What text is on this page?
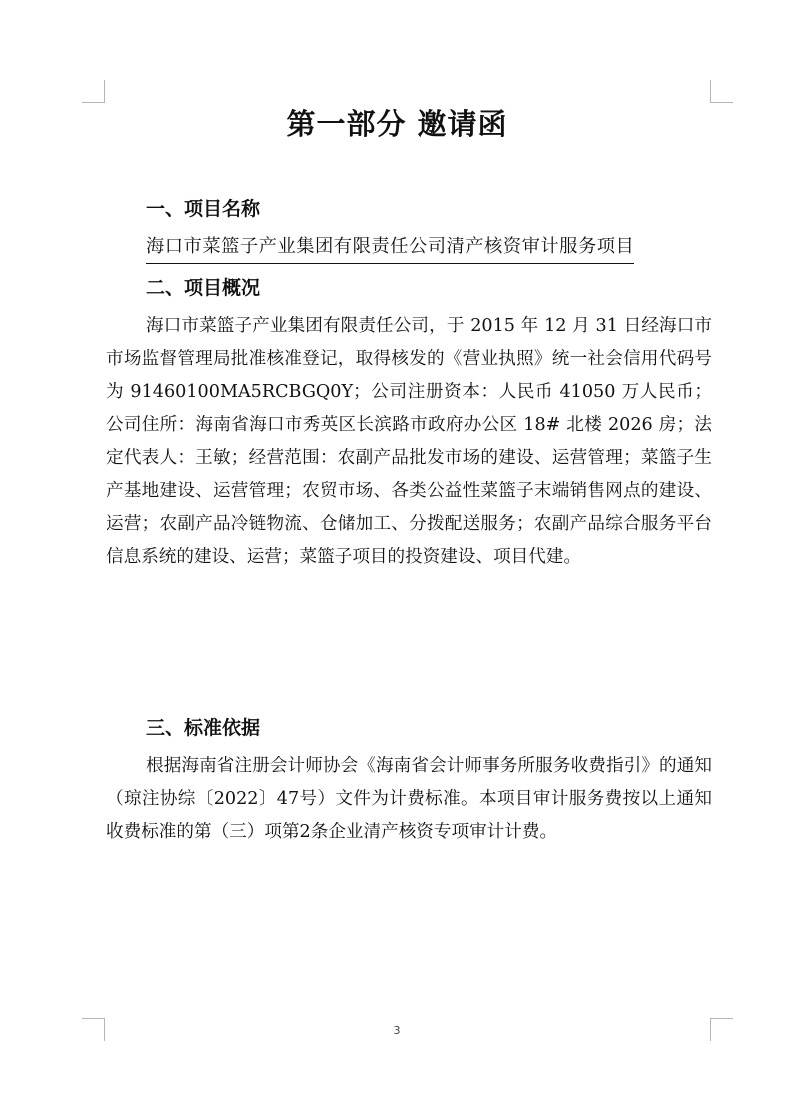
第一部分 邀请函
一、项目名称
海口市菜篮子产业集团有限责任公司清产核资审计服务项目
二、项目概况

海口市菜篮子产业集团有限责任公司，于 2015 年 12 月 31 日经海口市市场监督管理局批准核准登记，取得核发的《营业执照》统一社会信用代码号为 91460100MA5RCBGQ0Y；公司注册资本：人民币 41050 万人民币；公司住所：海南省海口市秀英区长滨路市政府办公区 18# 北楼 2026 房；法定代表人：王敏；经营范围：农副产品批发市场的建设、运营管理；菜篮子生产基地建设、运营管理；农贸市场、各类公益性菜篮子末端销售网点的建设、运营；农副产品冷链物流、仓储加工、分拨配送服务；农副产品综合服务平台信息系统的建设、运营；菜篮子项目的投资建设、项目代建。

三、标准依据

根据海南省注册会计师协会《海南省会计师事务所服务收费指引》的通知（琼注协综〔2022〕47号）文件为计费标准。本项目审计服务费按以上通知收费标准的第（三）项第2条企业清产核资专项审计计费。

3
